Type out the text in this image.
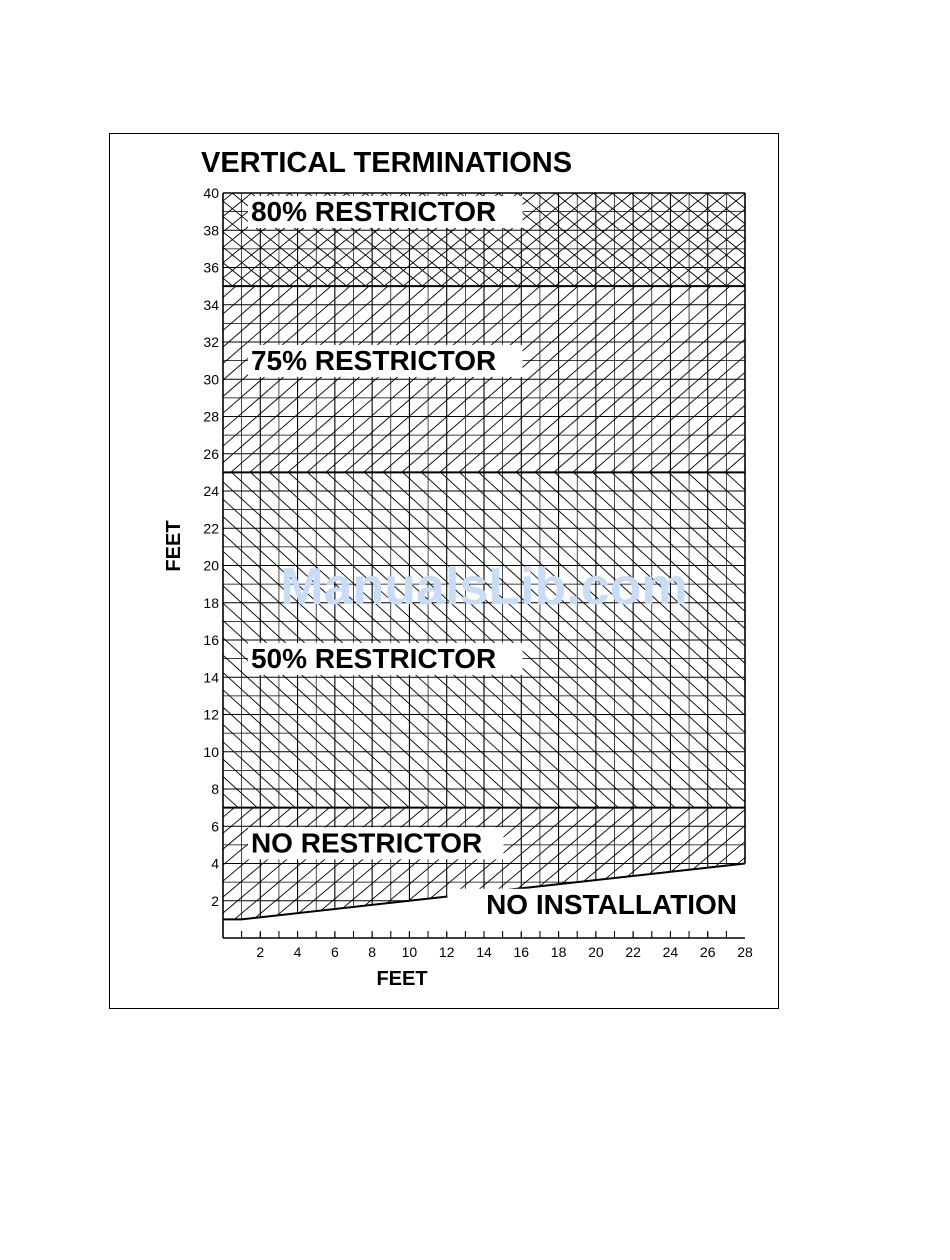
VERTICAL TERMINATIONS
ManualsLib.com
80% RESTRICTOR
75% RESTRICTOR
50% RESTRICTOR
NO RESTRICTOR
NO INSTALLATION
2
4
6
8
10
12
14
16
18
20
22
24
26
28
30
32
34
36
38
40
2 4 6 8 10 12 14 16 18 20 22 24 26 28
FEET
FEET
